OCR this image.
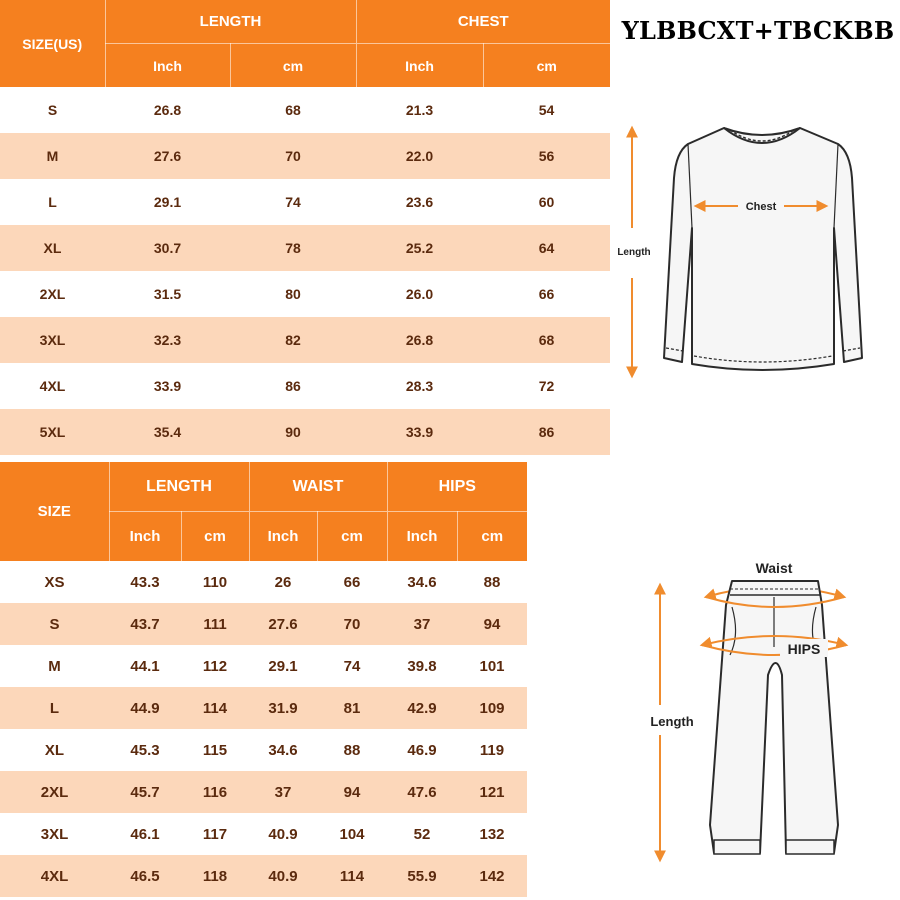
SIZE(US)	LENGTH		CHEST	
	Inch	cm	Inch	cm
S	26.8	68	21.3	54
M	27.6	70	22.0	56
L	29.1	74	23.6	60
XL	30.7	78	25.2	64
2XL	31.5	80	26.0	66
3XL	32.3	82	26.8	68
4XL	33.9	86	28.3	72
5XL	35.4	90	33.9	86
YLBBCXT+TBCKBB
Chest
Length
SIZE	LENGTH		WAIST		HIPS	
	Inch	cm	Inch	cm	Inch	cm
XS	43.3	110	26	66	34.6	88
S	43.7	111	27.6	70	37	94
M	44.1	112	29.1	74	39.8	101
L	44.9	114	31.9	81	42.9	109
XL	45.3	115	34.6	88	46.9	119
2XL	45.7	116	37	94	47.6	121
3XL	46.1	117	40.9	104	52	132
4XL	46.5	118	40.9	114	55.9	142
Waist
HIPS
Length
